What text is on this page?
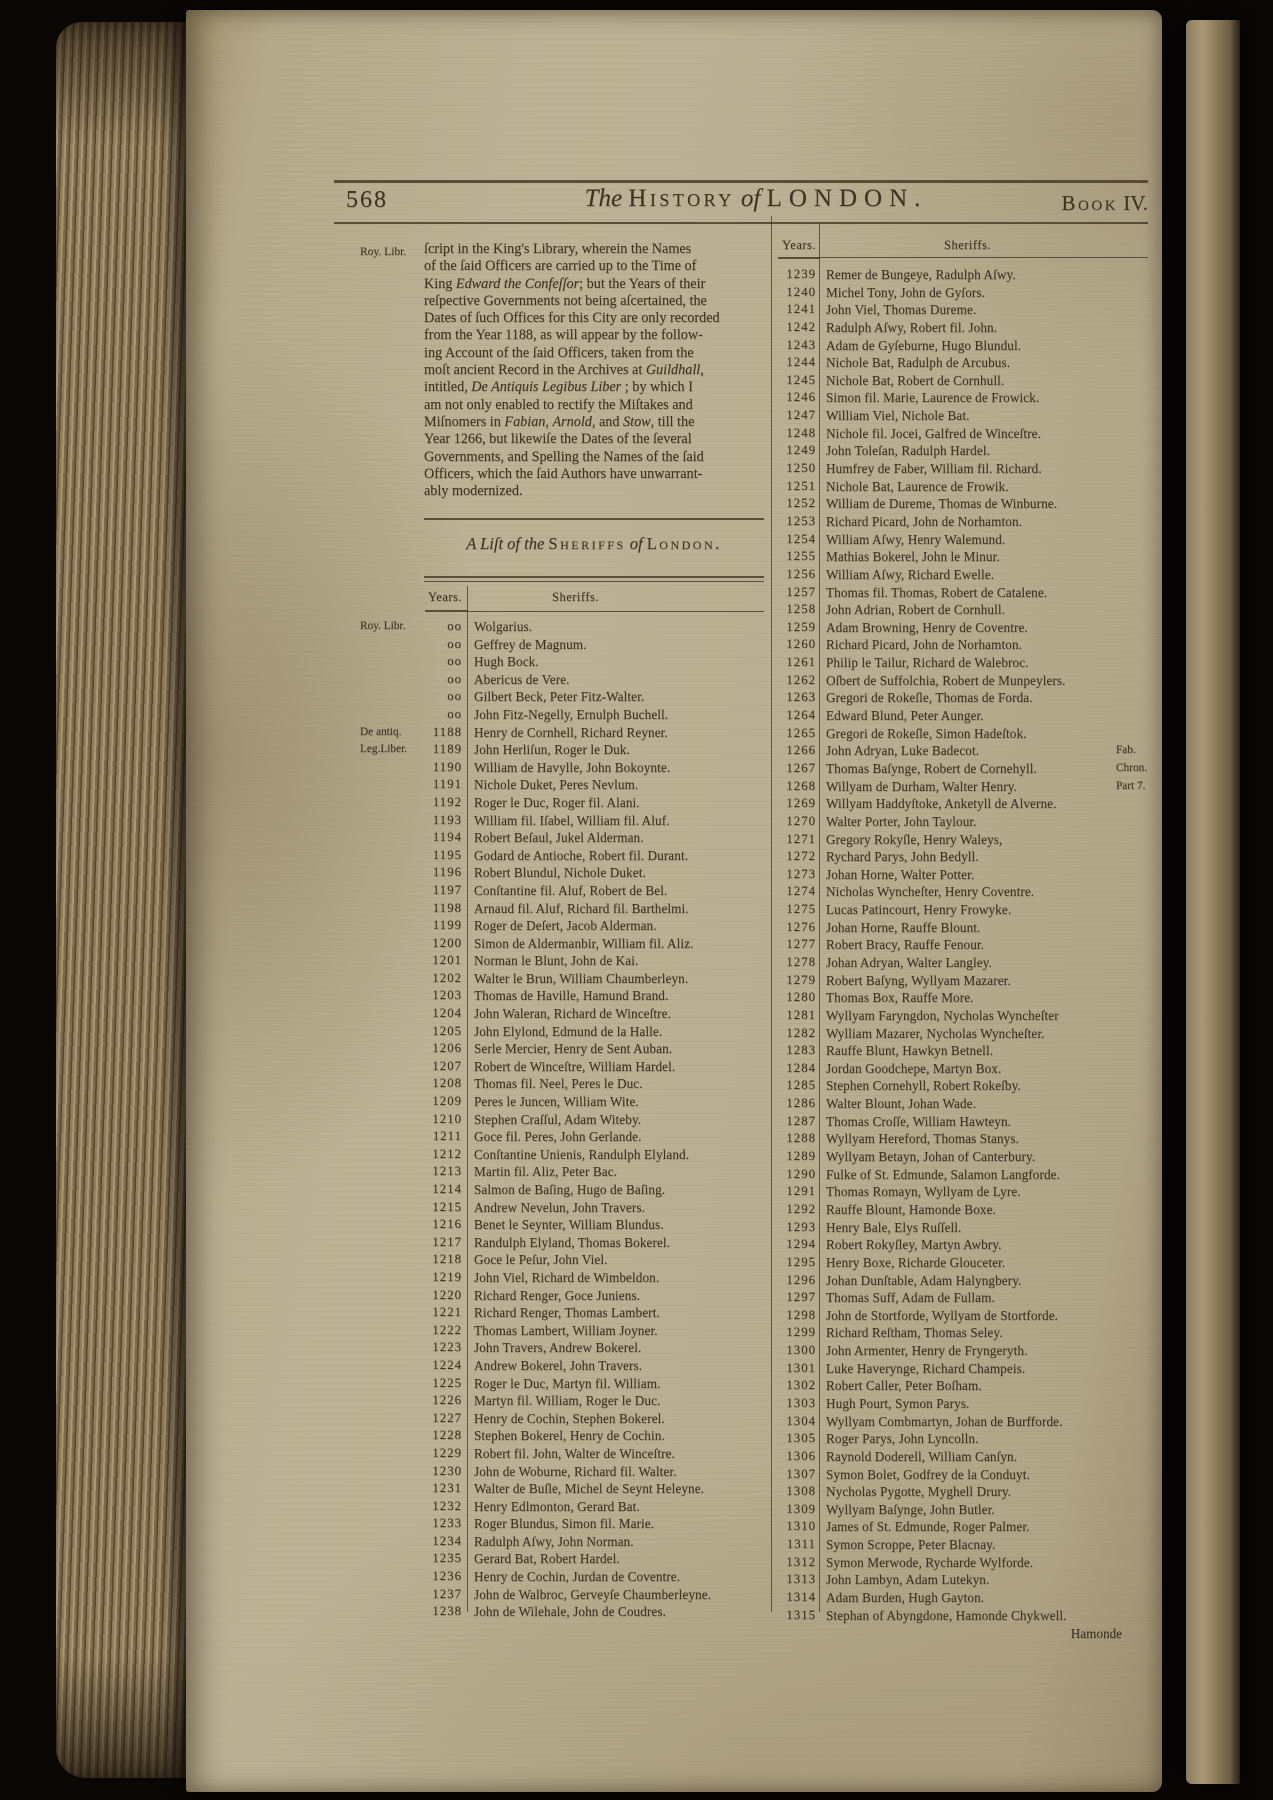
568	The History of LONDON.	Book IV.
Roy. Libr. ſcript in the King's Library, wherein the Names
of the ſaid Officers are carried up to the Time of
King Edward the Confeſſor; but the Years of their
reſpective Governments not being aſcertained, the
Dates of ſuch Offices for this City are only recorded
from the Year 1188, as will appear by the follow-
ing Account of the ſaid Officers, taken from the
moſt ancient Record in the Archives at Guildhall,
intitled, De Antiquis Legibus Liber ; by which I
am not only enabled to rectify the Miſtakes and
Miſnomers in Fabian, Arnold, and Stow, till the
Year 1266, but likewiſe the Dates of the ſeveral
Governments, and Spelling the Names of the ſaid
Officers, which the ſaid Authors have unwarrant-
ably modernized.
A Liſt of the Sheriffs of London.
Years.	Sheriffs.
Years.	Sheriffs.
Roy. Libr.	oo Wolgarius.
oo Geffrey de Magnum.
oo Hugh Bock.
oo Abericus de Vere.
oo Gilbert Beck, Peter Fitz-Walter.
oo John Fitz-Negelly, Ernulph Buchell.
De antiq.	1188 Henry de Cornhell, Richard Reyner.
Leg.Liber.	1189 John Herliſun, Roger le Duk.
1190 William de Havylle, John Bokoynte.
1191 Nichole Duket, Peres Nevlum.
1192 Roger le Duc, Roger fil. Alani.
1193 William fil. Iſabel, William fil. Aluf.
1194 Robert Beſaul, Jukel Alderman.
1195 Godard de Antioche, Robert fil. Durant.
1196 Robert Blundul, Nichole Duket.
1197 Conſtantine fil. Aluf, Robert de Bel.
1198 Arnaud fil. Aluf, Richard fil. Barthelmi.
1199 Roger de Deſert, Jacob Alderman.
1200 Simon de Aldermanbir, William fil. Aliz.
1201 Norman le Blunt, John de Kai.
1202 Walter le Brun, William Chaumberleyn.
1203 Thomas de Haville, Hamund Brand.
1204 John Waleran, Richard de Winceſtre.
1205 John Elylond, Edmund de la Halle.
1206 Serle Mercier, Henry de Sent Auban.
1207 Robert de Winceſtre, William Hardel.
1208 Thomas fil. Neel, Peres le Duc.
1209 Peres le Juncen, William Wite.
1210 Stephen Craſſul, Adam Witeby.
1211 Goce fil. Peres, John Gerlande.
1212 Conſtantine Unienis, Randulph Elyland.
1213 Martin fil. Aliz, Peter Bac.
1214 Salmon de Baſing, Hugo de Baſing.
1215 Andrew Nevelun, John Travers.
1216 Benet le Seynter, William Blundus.
1217 Randulph Elyland, Thomas Bokerel.
1218 Goce le Peſur, John Viel.
1219 John Viel, Richard de Wimbeldon.
1220 Richard Renger, Goce Juniens.
1221 Richard Renger, Thomas Lambert.
1222 Thomas Lambert, William Joyner.
1223 John Travers, Andrew Bokerel.
1224 Andrew Bokerel, John Travers.
1225 Roger le Duc, Martyn fil. William.
1226 Martyn fil. William, Roger le Duc.
1227 Henry de Cochin, Stephen Bokerel.
1228 Stephen Bokerel, Henry de Cochin.
1229 Robert fil. John, Walter de Winceſtre.
1230 John de Woburne, Richard fil. Walter.
1231 Walter de Buſle, Michel de Seynt Heleyne.
1232 Henry Edlmonton, Gerard Bat.
1233 Roger Blundus, Simon fil. Marie.
1234 Radulph Aſwy, John Norman.
1235 Gerard Bat, Robert Hardel.
1236 Henry de Cochin, Jurdan de Coventre.
1237 John de Walbroc, Gerveyſe Chaumberleyne.
1238 John de Wilehale, John de Coudres.
1239 Remer de Bungeye, Radulph Aſwy.
1240 Michel Tony, John de Gyſors.
1241 John Viel, Thomas Dureme.
1242 Radulph Aſwy, Robert fil. John.
1243 Adam de Gyſeburne, Hugo Blundul.
1244 Nichole Bat, Radulph de Arcubus.
1245 Nichole Bat, Robert de Cornhull.
1246 Simon fil. Marie, Laurence de Frowick.
1247 William Viel, Nichole Bat.
1248 Nichole fil. Jocei, Galfred de Winceſtre.
1249 John Toleſan, Radulph Hardel.
1250 Humfrey de Faber, William fil. Richard.
1251 Nichole Bat, Laurence de Frowik.
1252 William de Dureme, Thomas de Winburne.
1253 Richard Picard, John de Norhamton.
1254 William Aſwy, Henry Walemund.
1255 Mathias Bokerel, John le Minur.
1256 William Aſwy, Richard Ewelle.
1257 Thomas fil. Thomas, Robert de Catalene.
1258 John Adrian, Robert de Cornhull.
1259 Adam Browning, Henry de Coventre.
1260 Richard Picard, John de Norhamton.
1261 Philip le Tailur, Richard de Walebroc.
1262 Oſbert de Suffolchia, Robert de Munpeylers.
1263 Gregori de Rokeſle, Thomas de Forda.
1264 Edward Blund, Peter Aunger.
1265 Gregori de Rokeſle, Simon Hadeſtok.
Fab.
1266 John Adryan, Luke Badecot.
Chron.
1267 Thomas Baſynge, Robert de Cornehyll.
Part 7.
1268 Willyam de Durham, Walter Henry.
1269 Willyam Haddyſtoke, Anketyll de Alverne.
1270 Walter Porter, John Taylour.
1271 Gregory Rokyſle, Henry Waleys,
1272 Rychard Parys, John Bedyll.
1273 Johan Horne, Walter Potter.
1274 Nicholas Wyncheſter, Henry Coventre.
1275 Lucas Patincourt, Henry Frowyke.
1276 Johan Horne, Rauffe Blount.
1277 Robert Bracy, Rauffe Fenour.
1278 Johan Adryan, Walter Langley.
1279 Robert Baſyng, Wyllyam Mazarer.
1280 Thomas Box, Rauffe More.
1281 Wyllyam Faryngdon, Nycholas Wyncheſter
1282 Wylliam Mazarer, Nycholas Wyncheſter.
1283 Rauffe Blunt, Hawkyn Betnell.
1284 Jordan Goodchepe, Martyn Box.
1285 Stephen Cornehyll, Robert Rokeſby.
1286 Walter Blount, Johan Wade.
1287 Thomas Croſſe, William Hawteyn.
1288 Wyllyam Hereford, Thomas Stanys.
1289 Wyllyam Betayn, Johan of Canterbury.
1290 Fulke of St. Edmunde, Salamon Langforde.
1291 Thomas Romayn, Wyllyam de Lyre.
1292 Rauffe Blount, Hamonde Boxe.
1293 Henry Bale, Elys Ruſſell.
1294 Robert Rokyſley, Martyn Awbry.
1295 Henry Boxe, Richarde Glouceter.
1296 Johan Dunſtable, Adam Halyngbery.
1297 Thomas Suff, Adam de Fullam.
1298 John de Stortforde, Wyllyam de Stortforde.
1299 Richard Reſtham, Thomas Seley.
1300 John Armenter, Henry de Fryngeryth.
1301 Luke Haverynge, Richard Champeis.
1302 Robert Caller, Peter Boſham.
1303 Hugh Pourt, Symon Parys.
1304 Wyllyam Combmartyn, Johan de Burfforde.
1305 Roger Parys, John Lyncolln.
1306 Raynold Doderell, William Canſyn.
1307 Symon Bolet, Godfrey de la Conduyt.
1308 Nycholas Pygotte, Myghell Drury.
1309 Wyllyam Baſynge, John Butler.
1310 James of St. Edmunde, Roger Palmer.
1311 Symon Scroppe, Peter Blacnay.
1312 Symon Merwode, Rycharde Wylforde.
1313 John Lambyn, Adam Lutekyn.
1314 Adam Burden, Hugh Gayton.
1315 Stephan of Abyngdone, Hamonde Chykwell.
Hamonde
